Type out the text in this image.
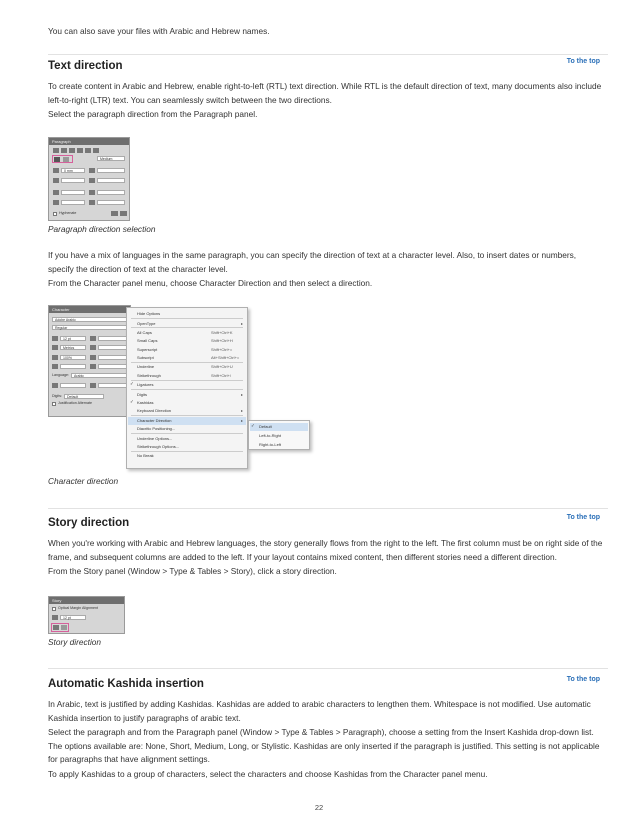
You can also save your files with Arabic and Hebrew names.

To the top
Text direction

To create content in Arabic and Hebrew, enable right-to-left (RTL) text direction. While RTL is the default direction of text, many documents also include left-to-right (LTR) text. You can seamlessly switch between the two directions.

Select the paragraph direction from the Paragraph panel.

Paragraph
Medium
0 mm
Hyphenate
Paragraph direction selection

If you have a mix of languages in the same paragraph, you can specify the direction of text at a character level. Also, to insert dates or numbers, specify the direction of text at the character level.

From the Character panel menu, choose Character Direction and then select a direction.

Character
Adobe Arabic
Regular
12 pt
Metrics
100%
Language: Arabic
Digits: Default
Justification Alternate
Hide Options
OpenType	▸
All Caps	Shift+Ctrl+K
Small Caps	Shift+Ctrl+H
Superscript	Shift+Ctrl+=
Subscript	Alt+Shift+Ctrl+=
Underline	Shift+Ctrl+U
Strikethrough	Shift+Ctrl+/
✓ Ligatures
Digits	▸
✓ Kashidas
Keyboard Direction	▸
Character Direction	▸
Diacritic Positioning...
Underline Options...
Strikethrough Options...
No Break
✓ Default
Left-to-Right
Right-to-Left
Character direction
To the top
Story direction

When you're working with Arabic and Hebrew languages, the story generally flows from the right to the left. The first column must be on right side of the frame, and subsequent columns are added to the left. If your layout contains mixed content, then different stories need a different direction.

From the Story panel (Window > Type & Tables > Story), click a story direction.

Story
Optical Margin Alignment
12 pt
Story direction
To the top
Automatic Kashida insertion

In Arabic, text is justified by adding Kashidas. Kashidas are added to arabic characters to lengthen them. Whitespace is not modified. Use automatic Kashida insertion to justify paragraphs of arabic text.

Select the paragraph and from the Paragraph panel (Window > Type & Tables > Paragraph), choose a setting from the Insert Kashida drop-down list. The options available are: None, Short, Medium, Long, or Stylistic. Kashidas are only inserted if the paragraph is justified. This setting is not applicable for paragraphs that have alignment settings.

To apply Kashidas to a group of characters, select the characters and choose Kashidas from the Character panel menu.

22
